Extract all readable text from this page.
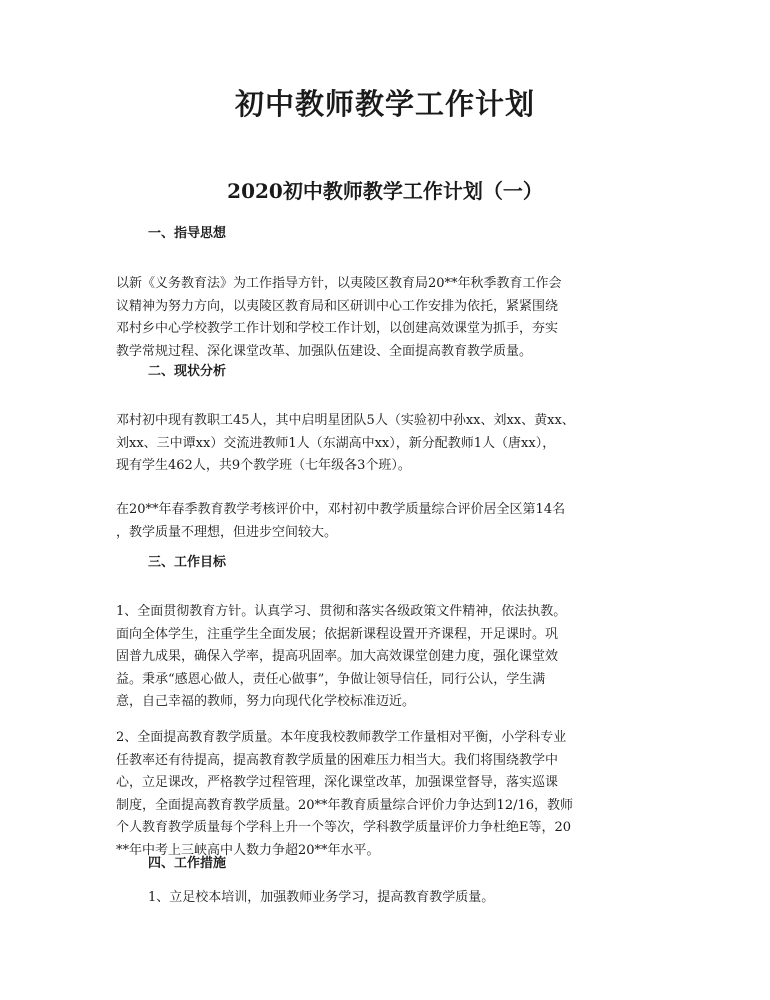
初中教师教学工作计划
2020初中教师教学工作计划（一）
一、指导思想
以新《义务教育法》为工作指导方针，以夷陵区教育局20**年秋季教育工作会
议精神为努力方向，以夷陵区教育局和区研训中心工作安排为依托，紧紧围绕
邓村乡中心学校教学工作计划和学校工作计划，以创建高效课堂为抓手，夯实
教学常规过程、深化课堂改革、加强队伍建设、全面提高教育教学质量。
二、现状分析
邓村初中现有教职工45人，其中启明星团队5人（实验初中孙xx、刘xx、黄xx、
刘xx、三中谭xx）交流进教师1人（东湖高中xx），新分配教师1人（唐xx），
现有学生462人，共9个教学班（七年级各3个班）。
在20**年春季教育教学考核评价中，邓村初中教学质量综合评价居全区第14名
，教学质量不理想，但进步空间较大。
三、工作目标
1、全面贯彻教育方针。认真学习、贯彻和落实各级政策文件精神，依法执教。
面向全体学生，注重学生全面发展；依据新课程设置开齐课程，开足课时。巩
固普九成果，确保入学率，提高巩固率。加大高效课堂创建力度，强化课堂效
益。秉承“感恩心做人，责任心做事”，争做让领导信任，同行公认，学生满
意，自己幸福的教师，努力向现代化学校标准迈近。
2、全面提高教育教学质量。本年度我校教师教学工作量相对平衡，小学科专业
任教率还有待提高，提高教育教学质量的困难压力相当大。我们将围绕教学中
心，立足课改，严格教学过程管理，深化课堂改革，加强课堂督导，落实巡课
制度，全面提高教育教学质量。20**年教育质量综合评价力争达到12/16，教师
个人教育教学质量每个学科上升一个等次，学科教学质量评价力争杜绝E等，20
**年中考上三峡高中人数力争超20**年水平。
四、工作措施
1、立足校本培训，加强教师业务学习，提高教育教学质量。
